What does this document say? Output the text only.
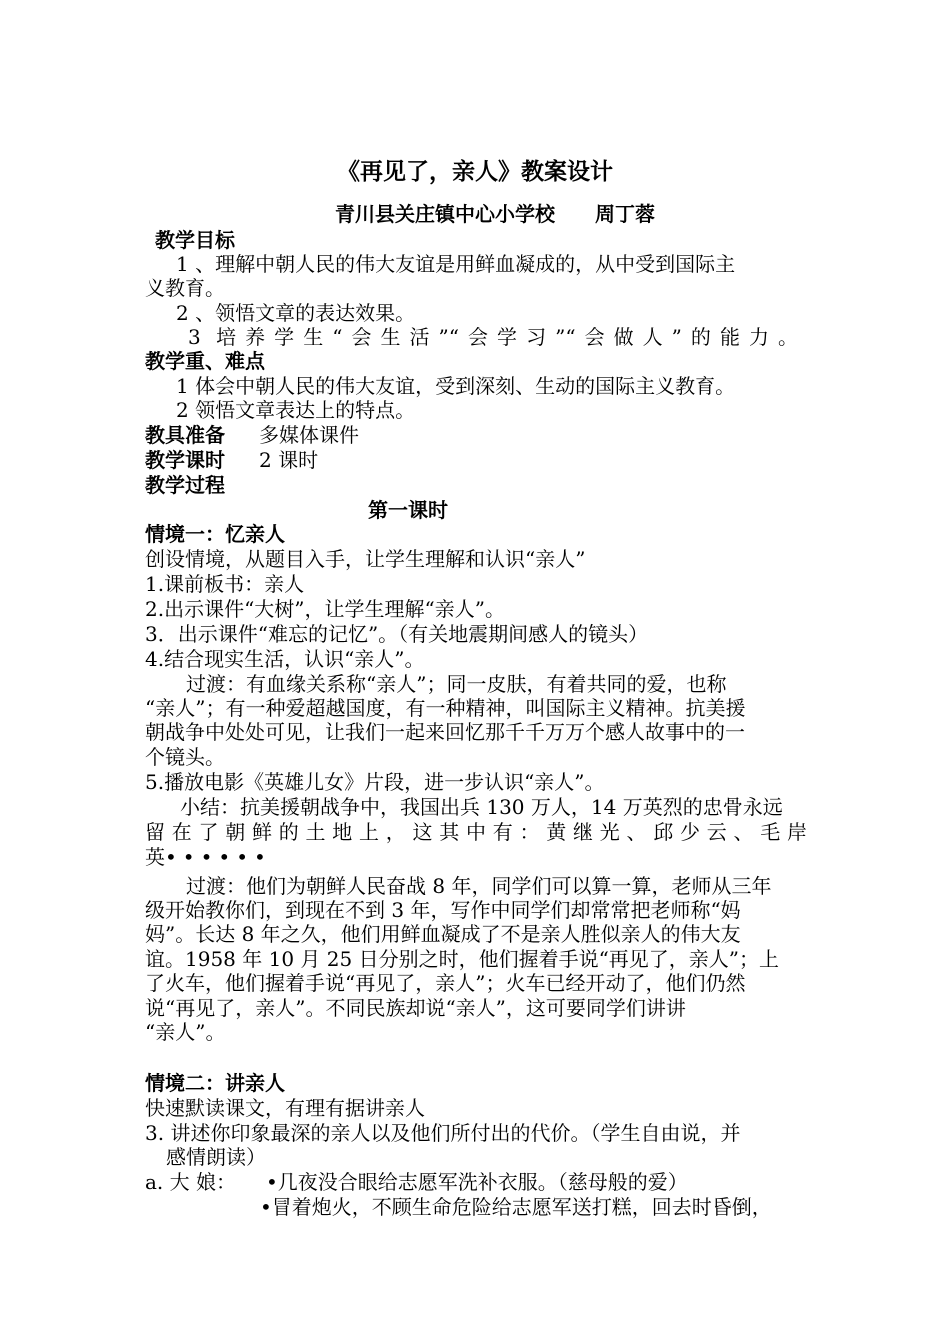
《再见了，亲人》教案设计
青川县关庄镇中心小学校 周丁蓉
教学目标
1 、理解中朝人民的伟大友谊是用鲜血凝成的，从中受到国际主
义教育。
2 、领悟文章的表达效果。
3 培养学生“会生活”“会学习”“会做人”的能力。
教学重、难点
1 体会中朝人民的伟大友谊，受到深刻、生动的国际主义教育。
2 领悟文章表达上的特点。
教具准备 多媒体课件
教学课时 2 课时
教学过程
第一课时
情境一：忆亲人
创设情境，从题目入手，让学生理解和认识“亲人”
1.课前板书：亲人
2.出示课件“大树”，让学生理解“亲人”。
3．出示课件“难忘的记忆”。（有关地震期间感人的镜头）
4.结合现实生活，认识“亲人”。
过渡：有血缘关系称“亲人”；同一皮肤，有着共同的爱，也称
“亲人”；有一种爱超越国度，有一种精神，叫国际主义精神。抗美援
朝战争中处处可见，让我们一起来回忆那千千万万个感人故事中的一
个镜头。
5.播放电影《英雄儿女》片段，进一步认识“亲人”。
小结：抗美援朝战争中，我国出兵 130 万人，14 万英烈的忠骨永远
留在了朝鲜的土地上，这其中有：黄继光、邱少云、毛岸
英••••••
过渡：他们为朝鲜人民奋战 8 年，同学们可以算一算，老师从三年
级开始教你们，到现在不到 3 年，写作中同学们却常常把老师称“妈
妈”。长达 8 年之久，他们用鲜血凝成了不是亲人胜似亲人的伟大友
谊。1958 年 10 月 25 日分别之时，他们握着手说“再见了，亲人”；上
了火车，他们握着手说“再见了，亲人”；火车已经开动了，他们仍然
说“再见了，亲人”。不同民族却说“亲人”，这可要同学们讲讲
“亲人”。
情境二：讲亲人
快速默读课文，有理有据讲亲人
3. 讲述你印象最深的亲人以及他们所付出的代价。（学生自由说，并
感情朗读）
a. 大 娘：	•几夜没合眼给志愿军洗补衣服。（慈母般的爱）
•冒着炮火，不顾生命危险给志愿军送打糕，回去时昏倒，
